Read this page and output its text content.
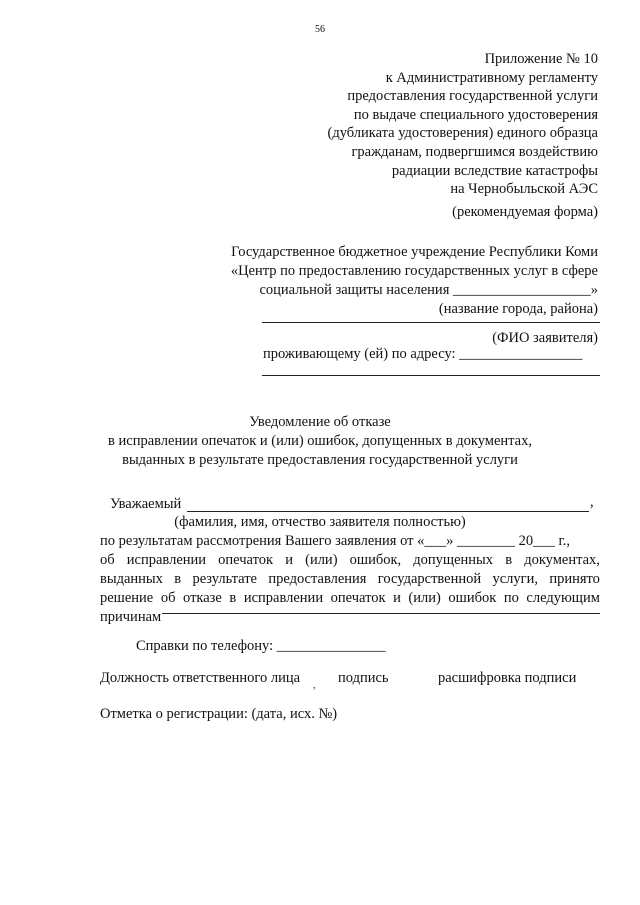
56
Приложение № 10
к Административному регламенту
предоставления государственной услуги
по выдаче специального удостоверения
(дубликата удостоверения) единого образца
гражданам, подвергшимся воздействию
радиации вследствие катастрофы
на Чернобыльской АЭС
(рекомендуемая форма)
Государственное бюджетное учреждение Республики Коми
«Центр по предоставлению государственных услуг в сфере
социальной защиты населения ___________________»
(название города, района)
(ФИО заявителя)
проживающему (ей) по адресу: _________________
Уведомление об отказе
в исправлении опечаток и (или) ошибок, допущенных в документах,
выданных в результате предоставления государственной услуги
Уважаемый	,
(фамилия, имя, отчество заявителя полностью)
по результатам рассмотрения Вашего заявления от «___» ________ 20___ г.,
об исправлении опечаток и (или) ошибок, допущенных в документах,
выданных в результате предоставления государственной услуги, принято
решение об отказе в исправлении опечаток и (или) ошибок по следующим
причинам
Справки по телефону: _______________
Должность ответственного лица , подпись	расшифровка подписи
Отметка о регистрации: (дата, исх. №)
